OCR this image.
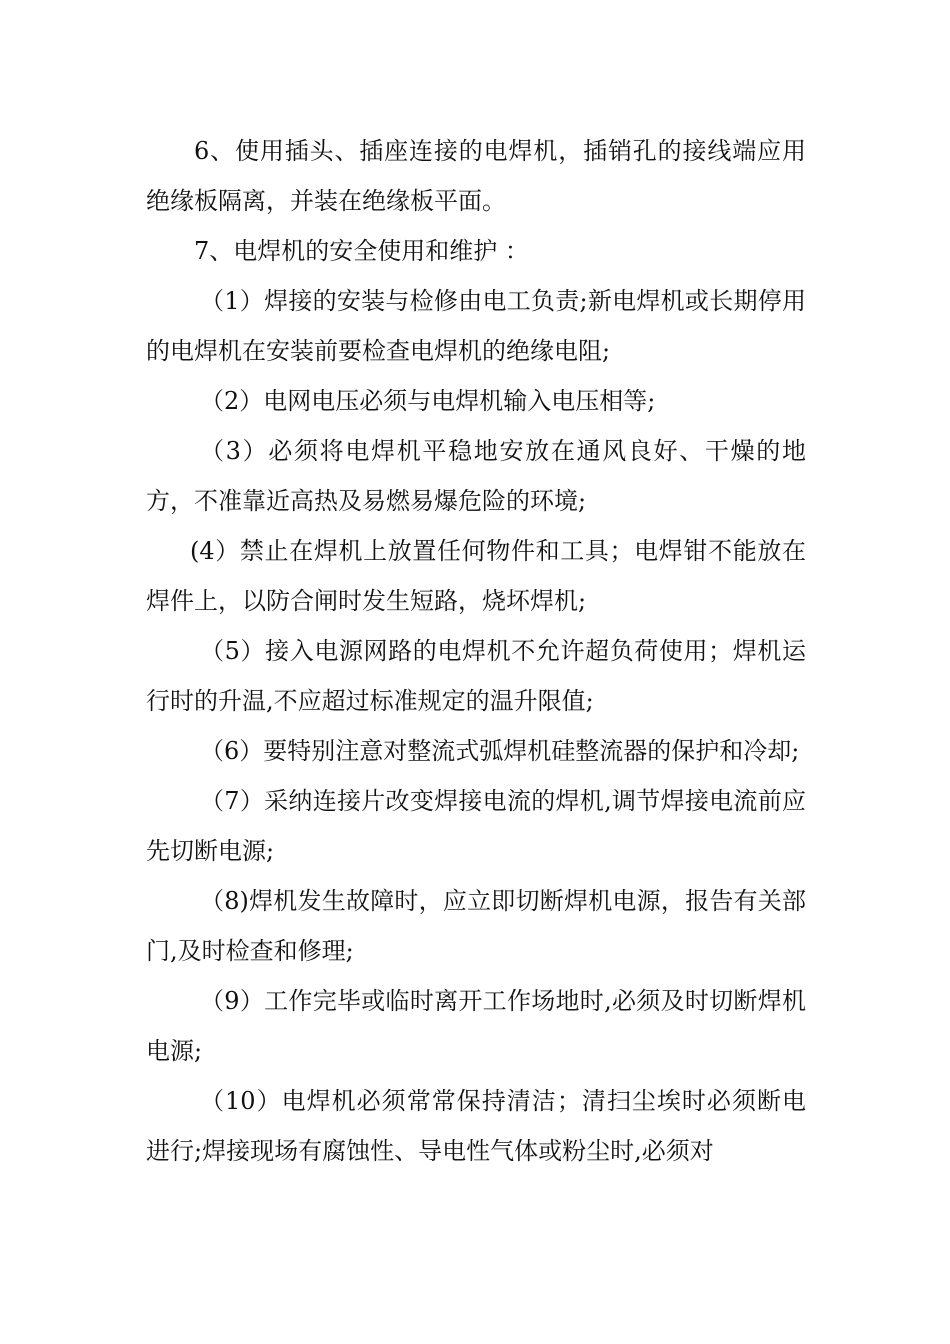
6、使用插头、插座连接的电焊机，插销孔的接线端应用绝缘板隔离，并装在绝缘板平面。

7、电焊机的安全使用和维护 ：

（1）焊接的安装与检修由电工负责;新电焊机或长期停用的电焊机在安装前要检查电焊机的绝缘电阻;

（2）电网电压必须与电焊机输入电压相等;

（3）必须将电焊机平稳地安放在通风良好、干燥的地方，不准靠近高热及易燃易爆危险的环境;

(4）禁止在焊机上放置任何物件和工具；电焊钳不能放在焊件上，以防合闸时发生短路，烧坏焊机;

（5）接入电源网路的电焊机不允许超负荷使用；焊机运行时的升温,不应超过标准规定的温升限值;

（6）要特别注意对整流式弧焊机硅整流器的保护和冷却;

（7）采纳连接片改变焊接电流的焊机,调节焊接电流前应先切断电源;

（8)焊机发生故障时，应立即切断焊机电源，报告有关部门,及时检查和修理;

（9）工作完毕或临时离开工作场地时,必须及时切断焊机电源;

（10）电焊机必须常常保持清洁；清扫尘埃时必须断电进行;焊接现场有腐蚀性、导电性气体或粉尘时,必须对
